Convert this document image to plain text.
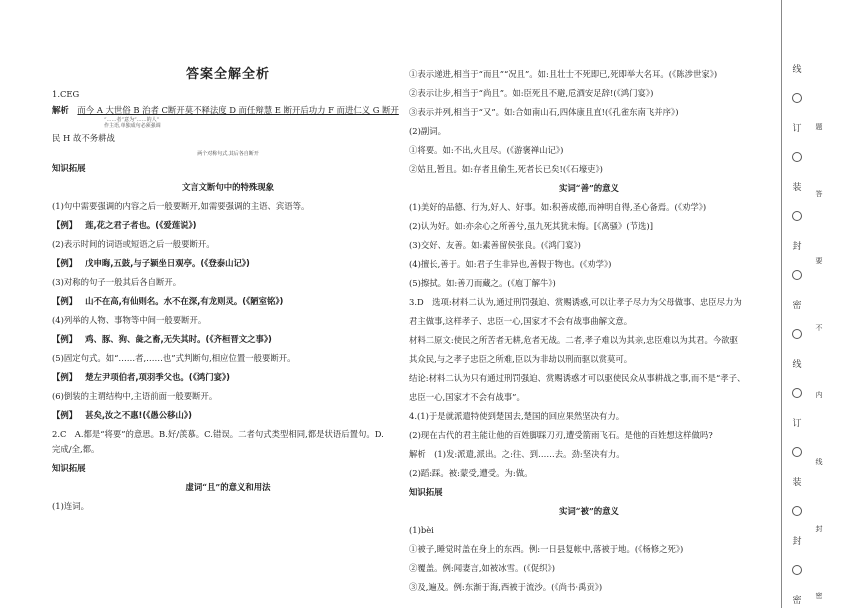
答案全解全析
1.CEG
解析 而今 A 大世俗 B 治者 C断开莫不释法度 D 而任辩慧 E 断开后功力 F 而进仁义 G 断开
“……者”意为“……的人”
作主语,单独成句必须强调
民 H 故不务耕战
两个对称句式,其后各自断开
知识拓展
文言文断句中的特殊现象
(1)句中需要强调的内容之后一般要断开,如需要强调的主语、宾语等。
【例】 莲,花之君子者也。(《爱莲说》)
(2)表示时间的词语或短语之后一般要断开。
【例】 戊申晦,五鼓,与子颍坐日观亭。(《登泰山记》)
(3)对称的句子一般其后各自断开。
【例】 山不在高,有仙则名。水不在深,有龙则灵。(《陋室铭》)
(4)列举的人物、事物等中间一般要断开。
【例】 鸡、豚、狗、彘之畜,无失其时。(《齐桓晋文之事》)
(5)固定句式。如“……者,……也”式判断句,相应位置一般要断开。
【例】 楚左尹项伯者,项羽季父也。(《鸿门宴》)
(6)倒装的主谓结构中,主语前面一般要断开。
【例】 甚矣,汝之不惠!(《愚公移山》)
2.C　A.都是“将要”的意思。B.好/羡慕。C.错误。二者句式类型相同,都是状语后置句。D.
完成/全,都。
知识拓展
虚词“且”的意义和用法
(1)连词。
①表示递进,相当于“而且”“况且”。如:且壮士不死即已,死即举大名耳。(《陈涉世家》)
②表示让步,相当于“尚且”。如:臣死且不避,卮酒安足辞!(《鸿门宴》)
③表示并列,相当于“又”。如:合如南山石,四体康且直!(《孔雀东南飞并序》)
(2)副词。
①将要。如:不出,火且尽。(《游褒禅山记》)
②姑且,暂且。如:存者且偷生,死者长已矣!(《石壕吏》)
实词“善”的意义
(1)美好的品德、行为,好人、好事。如:积善成德,而神明自得,圣心备焉。(《劝学》)
(2)认为好。如:亦余心之所善兮,虽九死其犹未悔。[《离骚》(节选)]
(3)交好、友善。如:素善留侯张良。(《鸿门宴》)
(4)擅长,善于。如:君子生非异也,善假于物也。(《劝学》)
(5)擦拭。如:善刀而藏之。(《庖丁解牛》)
3.D　选项:材料二认为,通过刑罚强迫、赏赐诱惑,可以让孝子尽力为父母做事、忠臣尽力为
君主做事,这样孝子、忠臣一心,国家才不会有战事曲解文意。
材料二原文:使民之所苦者无耕,危者无战。二者,孝子难以为其亲,忠臣难以为其君。今欲驱
其众民,与之孝子忠臣之所难,臣以为非劫以刑而驱以赏莫可。
结论:材料二认为只有通过刑罚强迫、赏赐诱惑才可以驱使民众从事耕战之事,而不是“孝子、
忠臣一心,国家才不会有战事”。
4.(1)于是就派遣特使到楚国去,楚国的回应果然坚决有力。
(2)现在古代的君主能让他的百姓脚踩刀刃,遭受箭雨飞石。是他的百姓想这样做吗?
解析　(1)发:派遣,派出。之:往、到……去。劲:坚决有力。
(2)蹈:踩。被:蒙受,遭受。为:做。
知识拓展
实词“被”的意义
(1)bèi
①被子,睡觉时盖在身上的东西。例:一日县复帐中,落被于地。(《杨修之死》)
②覆盖。例:闻妻言,如被冰雪。(《促织》)
③及,遍及。例:东渐于海,西被于流沙。(《尚书·禹贡》)
线
订
装
封
密
线
订
装
封
密
题
答
要
不
内
线
封
密
